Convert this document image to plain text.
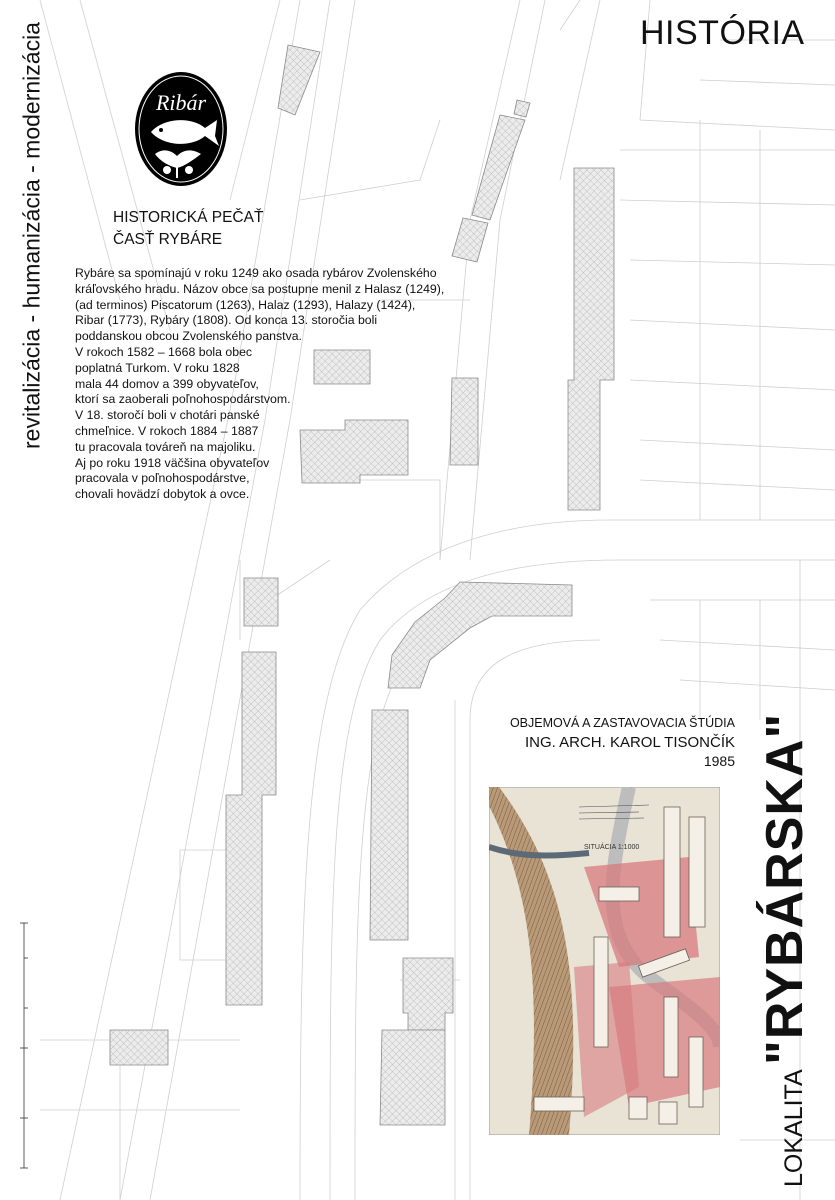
HISTÓRIA
revitalizácia - humanizácia - modernizácia
LOKALITA "RYBÁRSKA"
Ribár
HISTORICKÁ PEČAŤ
ČASŤ RYBÁRE

Rybáre sa spomínajú v roku 1249 ako osada rybárov Zvolenského

kráľovského hradu. Názov obce sa postupne menil z Halasz (1249),

(ad terminos) Piscatorum (1263), Halaz (1293), Halazy (1424),

Ribar (1773), Rybáry (1808). Od konca 13. storočia boli

poddanskou obcou Zvolenského panstva.

V rokoch 1582 – 1668 bola obec

poplatná Turkom. V roku 1828

mala 44 domov a 399 obyvateľov,

ktorí sa zaoberali poľnohospodárstvom.

V 18. storočí boli v chotári panské

chmeľnice. V rokoch 1884 – 1887

tu pracovala továreň na majoliku.

Aj po roku 1918 väčšina obyvateľov

pracovala v poľnohospodárstve,

chovali hovädzí dobytok a ovce.

OBJEMOVÁ A ZASTAVOVACIA ŠTÚDIA
ING. ARCH. KAROL TISONČÍK
1985
SITUÁCIA 1:1000
